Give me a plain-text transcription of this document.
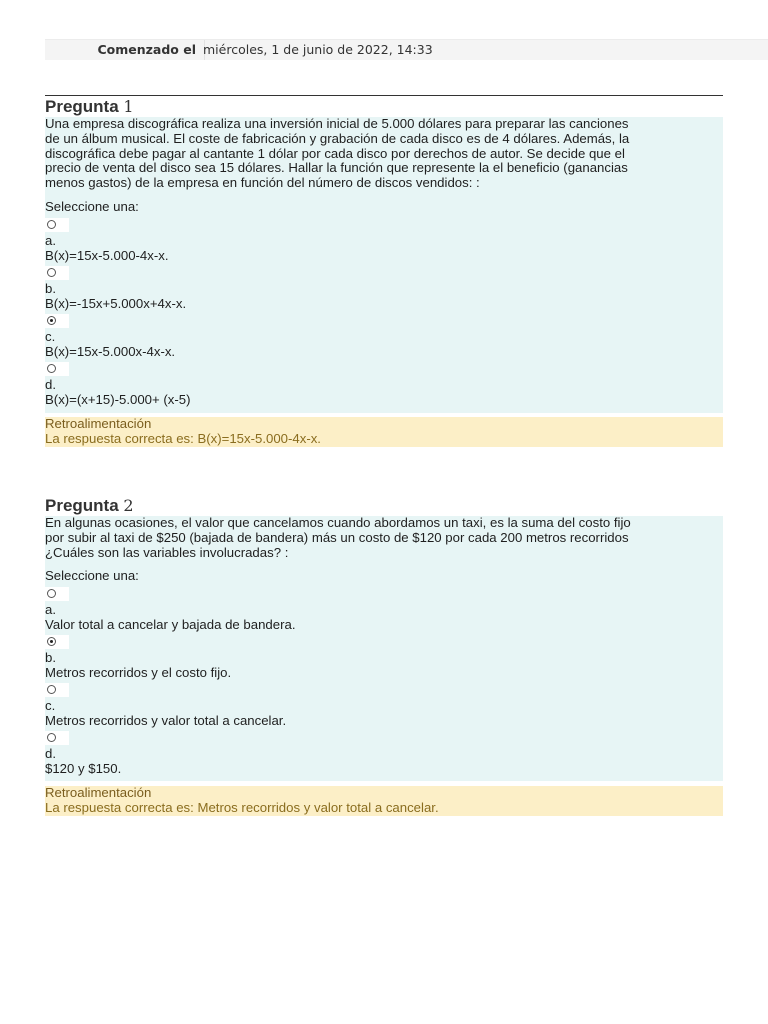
Comenzado el miércoles, 1 de junio de 2022, 14:33
Pregunta 1

Una empresa discográfica realiza una inversión inicial de 5.000 dólares para preparar las canciones
de un álbum musical. El coste de fabricación y grabación de cada disco es de 4 dólares. Además, la
discográfica debe pagar al cantante 1 dólar por cada disco por derechos de autor. Se decide que el
precio de venta del disco sea 15 dólares. Hallar la función que represente la el beneficio (ganancias
menos gastos) de la empresa en función del número de discos vendidos: :

Seleccione una:
a.
B(x)=15x-5.000-4x-x.
b.
B(x)=-15x+5.000x+4x-x.
c.
B(x)=15x-5.000x-4x-x.
d.
B(x)=(x+15)-5.000+ (x-5)
Retroalimentación
La respuesta correcta es: B(x)=15x-5.000-4x-x.
Pregunta 2

En algunas ocasiones, el valor que cancelamos cuando abordamos un taxi, es la suma del costo fijo
por subir al taxi de $250 (bajada de bandera) más un costo de $120 por cada 200 metros recorridos
¿Cuáles son las variables involucradas? :

Seleccione una:
a.
Valor total a cancelar y bajada de bandera.
b.
Metros recorridos y el costo fijo.
c.
Metros recorridos y valor total a cancelar.
d.
$120 y $150.
Retroalimentación
La respuesta correcta es: Metros recorridos y valor total a cancelar.
